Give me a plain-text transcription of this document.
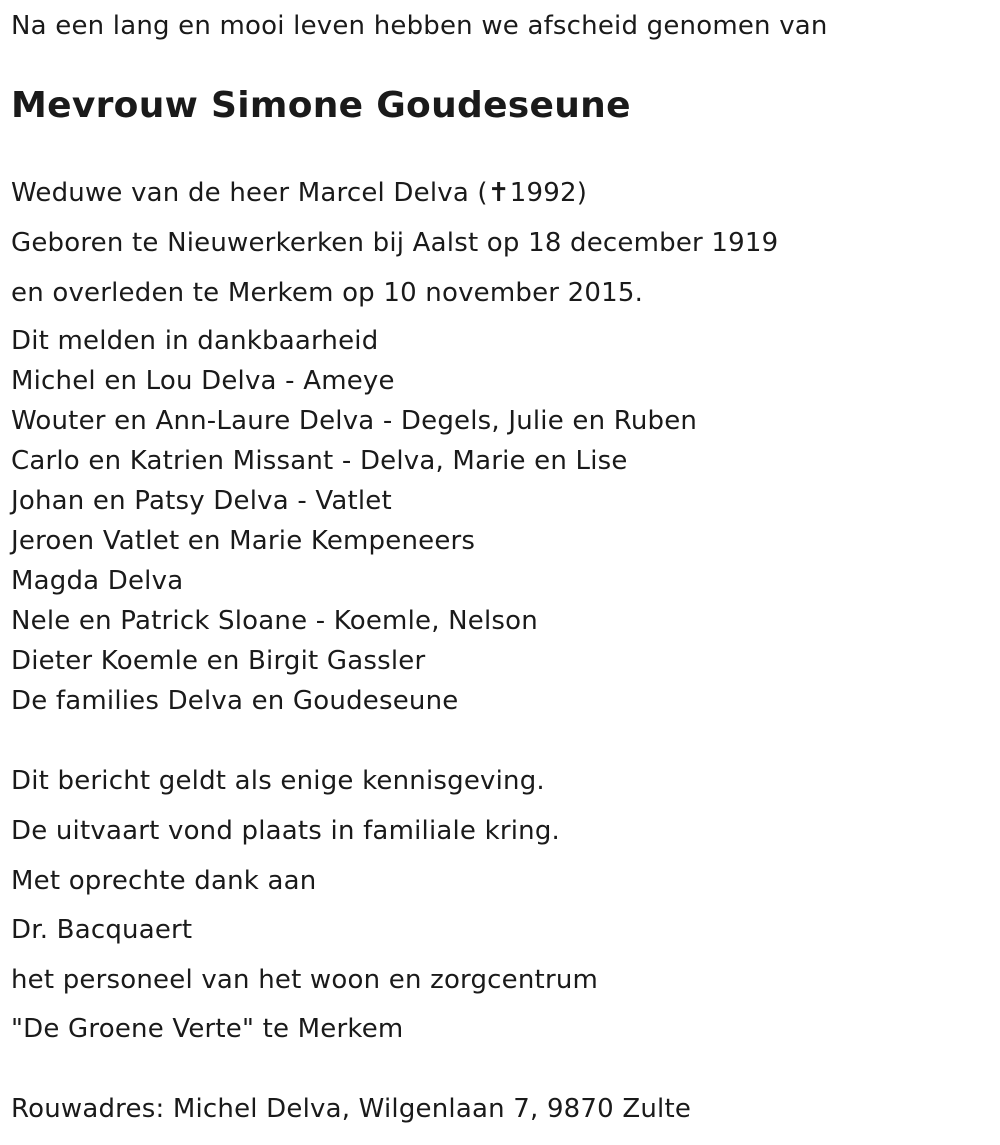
Na een lang en mooi leven hebben we afscheid genomen van
Mevrouw Simone Goudeseune
Weduwe van de heer Marcel Delva (✝1992)
Geboren te Nieuwerkerken bij Aalst op 18 december 1919
en overleden te Merkem op 10 november 2015.
Dit melden in dankbaarheid
Michel en Lou Delva - Ameye
Wouter en Ann-Laure Delva - Degels, Julie en Ruben
Carlo en Katrien Missant - Delva, Marie en Lise
Johan en Patsy Delva - Vatlet
Jeroen Vatlet en Marie Kempeneers
Magda Delva
Nele en Patrick Sloane - Koemle, Nelson
Dieter Koemle en Birgit Gassler
De families Delva en Goudeseune
Dit bericht geldt als enige kennisgeving.
De uitvaart vond plaats in familiale kring.
Met oprechte dank aan
Dr. Bacquaert
het personeel van het woon en zorgcentrum
"De Groene Verte" te Merkem
Rouwadres: Michel Delva, Wilgenlaan 7, 9870 Zulte
